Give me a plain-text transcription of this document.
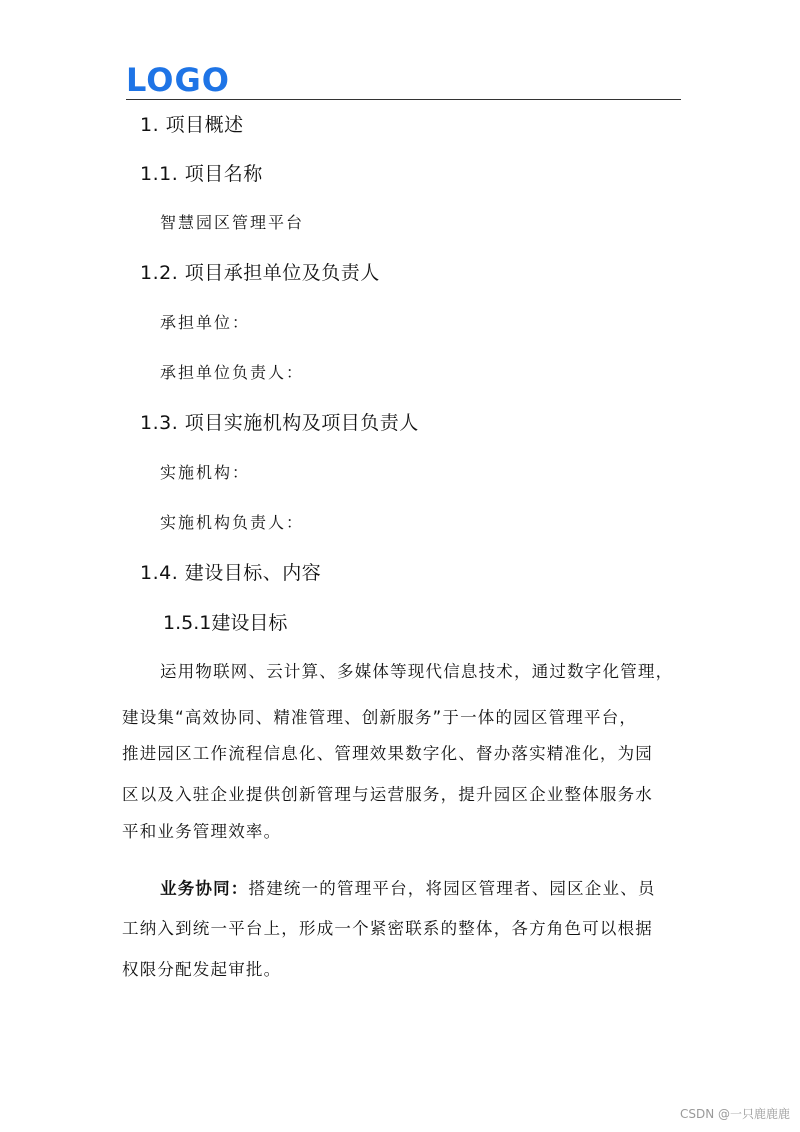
LOGO
1. 项目概述
1.1. 项目名称
智慧园区管理平台
1.2. 项目承担单位及负责人
承担单位：
承担单位负责人：
1.3. 项目实施机构及项目负责人
实施机构：
实施机构负责人：
1.4. 建设目标、内容
1.5.1建设目标
运用物联网、云计算、多媒体等现代信息技术，通过数字化管理，
建设集“高效协同、精准管理、创新服务”于一体的园区管理平台，
推进园区工作流程信息化、管理效果数字化、督办落实精准化，为园
区以及入驻企业提供创新管理与运营服务，提升园区企业整体服务水
平和业务管理效率。
业务协同：搭建统一的管理平台，将园区管理者、园区企业、员
工纳入到统一平台上，形成一个紧密联系的整体，各方角色可以根据
权限分配发起审批。
CSDN @一只鹿鹿鹿
